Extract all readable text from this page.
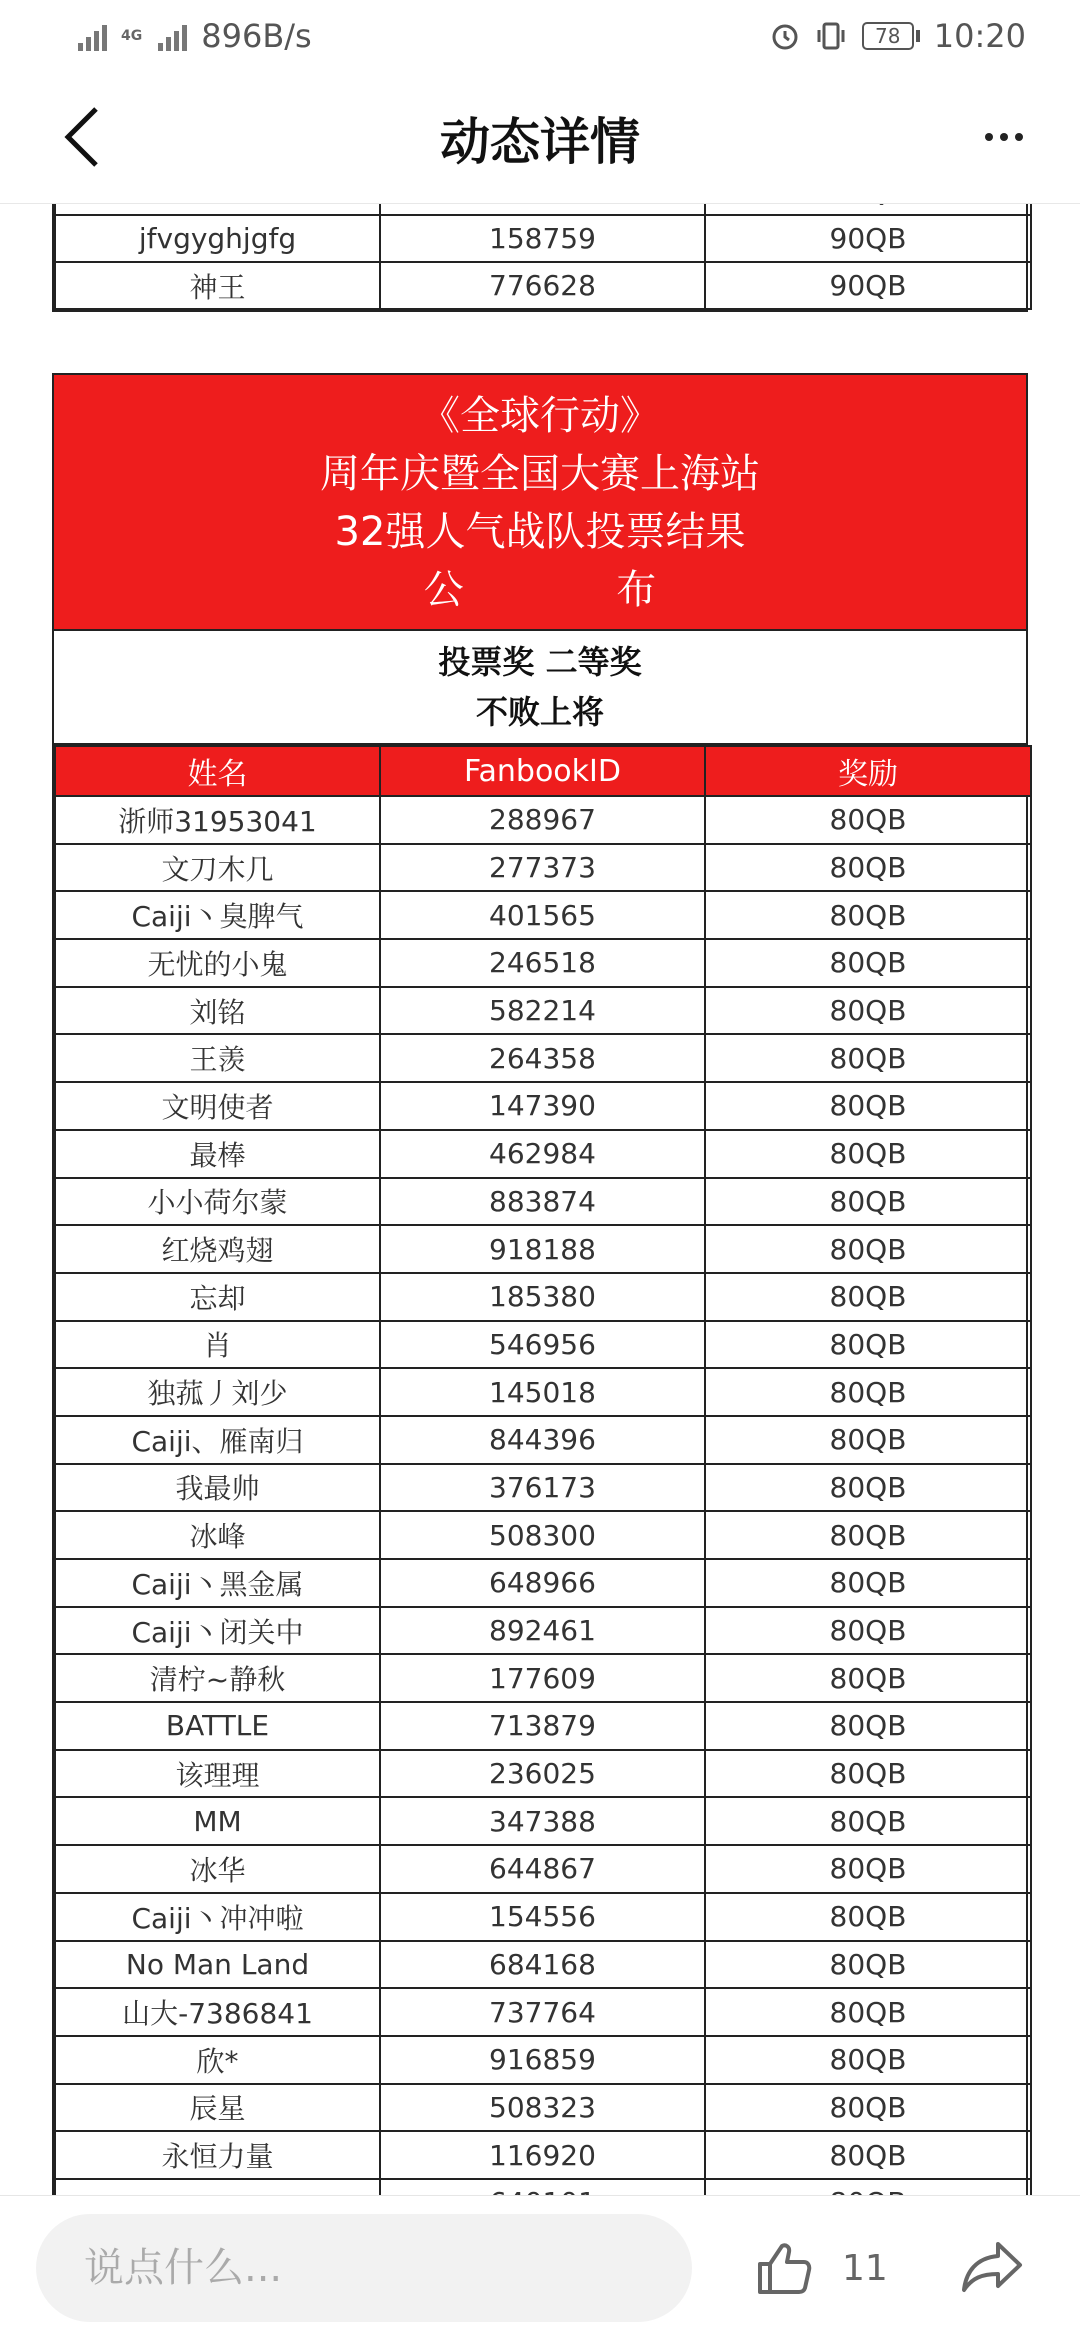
4G 896B/s	78	10:20
动态详情

jfvgyghjgfg	158759	90QB
神王	776628	90QB
《全球行动》
周年庆暨全国大赛上海站
32强人气战队投票结果
公            布
投票奖 二等奖
不败上将
姓名	FanbookID	奖励
浙师31953041	288967	80QB
文刀木几	277373	80QB
Caiji丶臭脾气	401565	80QB
无忧的小鬼	246518	80QB
刘铭	582214	80QB
王羡	264358	80QB
文明使者	147390	80QB
最棒	462984	80QB
小小荷尔蒙	883874	80QB
红烧鸡翅	918188	80QB
忘却	185380	80QB
肖	546956	80QB
独菰丿刘少	145018	80QB
Caiji、雁南归	844396	80QB
我最帅	376173	80QB
冰峰	508300	80QB
Caiji丶黑金属	648966	80QB
Caiji丶闭关中	892461	80QB
清柠~静秋	177609	80QB
BATTLE	713879	80QB
该理理	236025	80QB
MM	347388	80QB
冰华	644867	80QB
Caiji丶冲冲啦	154556	80QB
No Man Land	684168	80QB
山大-7386841	737764	80QB
欣*	916859	80QB
辰星	508323	80QB
永恒力量	116920	80QB

说点什么...
11
